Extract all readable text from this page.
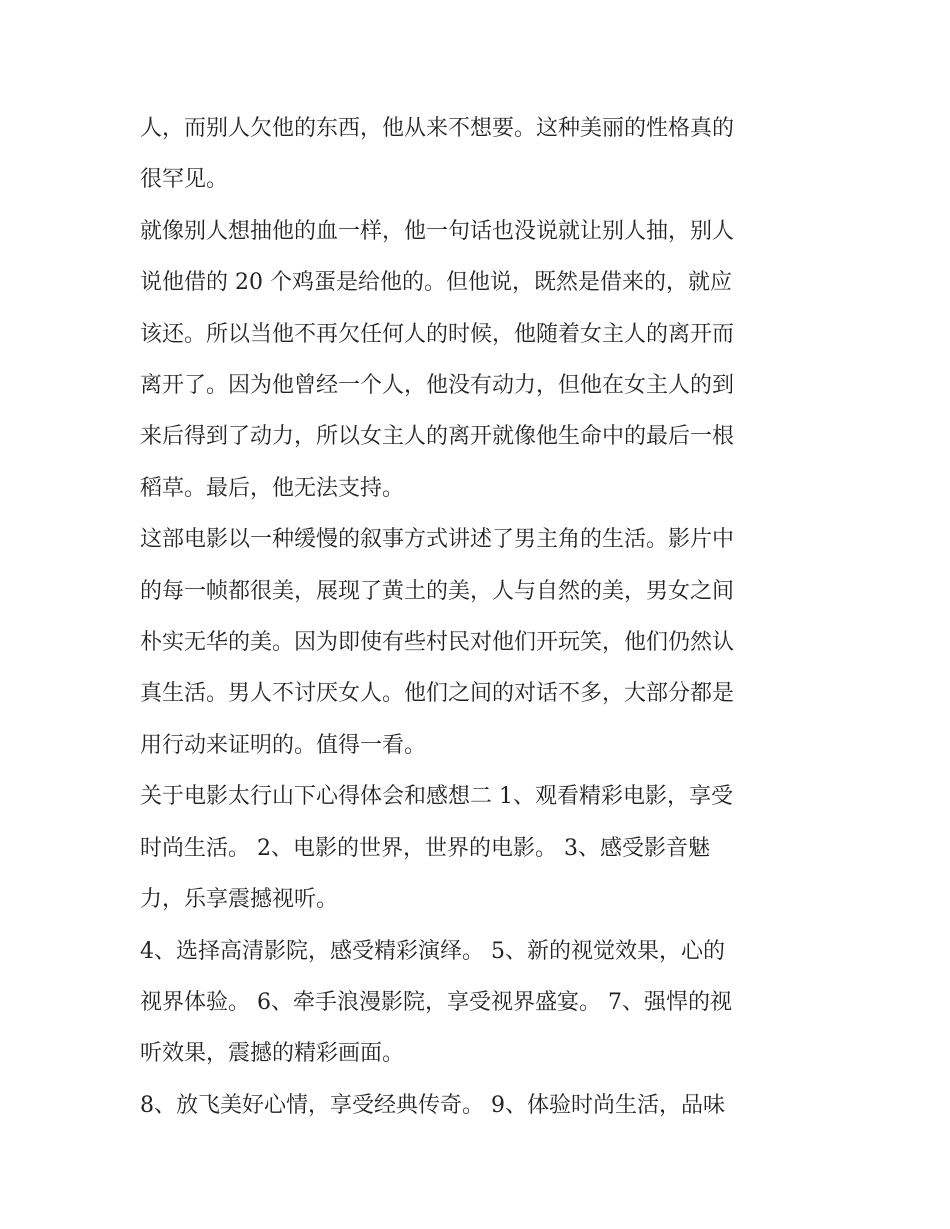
人，而别人欠他的东西，他从来不想要。这种美丽的性格真的
很罕见。

就像别人想抽他的血一样，他一句话也没说就让别人抽，别人
说他借的 20 个鸡蛋是给他的。但他说，既然是借来的，就应
该还。所以当他不再欠任何人的时候，他随着女主人的离开而
离开了。因为他曾经一个人，他没有动力，但他在女主人的到
来后得到了动力，所以女主人的离开就像他生命中的最后一根
稻草。最后，他无法支持。

这部电影以一种缓慢的叙事方式讲述了男主角的生活。影片中
的每一帧都很美，展现了黄土的美，人与自然的美，男女之间
朴实无华的美。因为即使有些村民对他们开玩笑，他们仍然认
真生活。男人不讨厌女人。他们之间的对话不多，大部分都是
用行动来证明的。值得一看。

关于电影太行山下心得体会和感想二 1、观看精彩电影，享受
时尚生活。 2、电影的世界，世界的电影。 3、感受影音魅
力，乐享震撼视听。

4、选择高清影院，感受精彩演绎。 5、新的视觉效果，心的
视界体验。 6、牵手浪漫影院，享受视界盛宴。 7、强悍的视
听效果，震撼的精彩画面。

8、放飞美好心情，享受经典传奇。 9、体验时尚生活，品味
